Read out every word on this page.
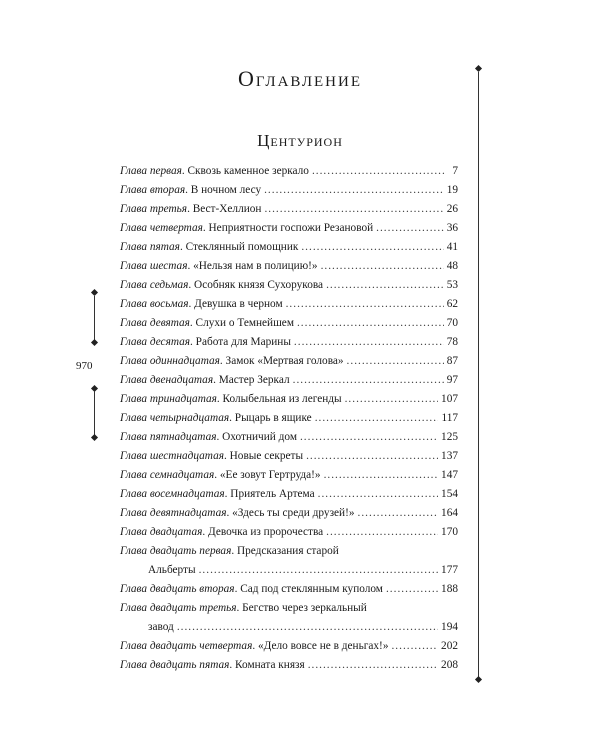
970
Оглавление
Центурион
Глава первая . Сквозь каменное зеркало .....	7
Глава вторая . В ночном лесу .....	19
Глава третья . Вест-Хеллион .....	26
Глава четвертая . Неприятности госпожи Резановой .....	36
Глава пятая . Стеклянный помощник .....	41
Глава шестая . «Нельзя нам в полицию!» .....	48
Глава седьмая . Особняк князя Сухорукова .....	53
Глава восьмая . Девушка в черном .....	62
Глава девятая . Слухи о Темнейшем .....	70
Глава десятая . Работа для Марины .....	78
Глава одиннадцатая . Замок «Мертвая голова» .....	87
Глава двенадцатая . Мастер Зеркал .....	97
Глава тринадцатая . Колыбельная из легенды .....	107
Глава четырнадцатая . Рыцарь в ящике .....	117
Глава пятнадцатая . Охотничий дом .....	125
Глава шестнадцатая . Новые секреты .....	137
Глава семнадцатая . «Ее зовут Гертруда!» .....	147
Глава восемнадцатая . Приятель Артема .....	154
Глава девятнадцатая . «Здесь ты среди друзей!» .....	164
Глава двадцатая . Девочка из пророчества .....	170
Глава двадцать первая . Предсказания старой
Альберты .....	177
Глава двадцать вторая . Сад под стеклянным куполом .....	188
Глава двадцать третья . Бегство через зеркальный
завод .....	194
Глава двадцать четвертая . «Дело вовсе не в деньгах!» .....	202
Глава двадцать пятая . Комната князя .....	208
